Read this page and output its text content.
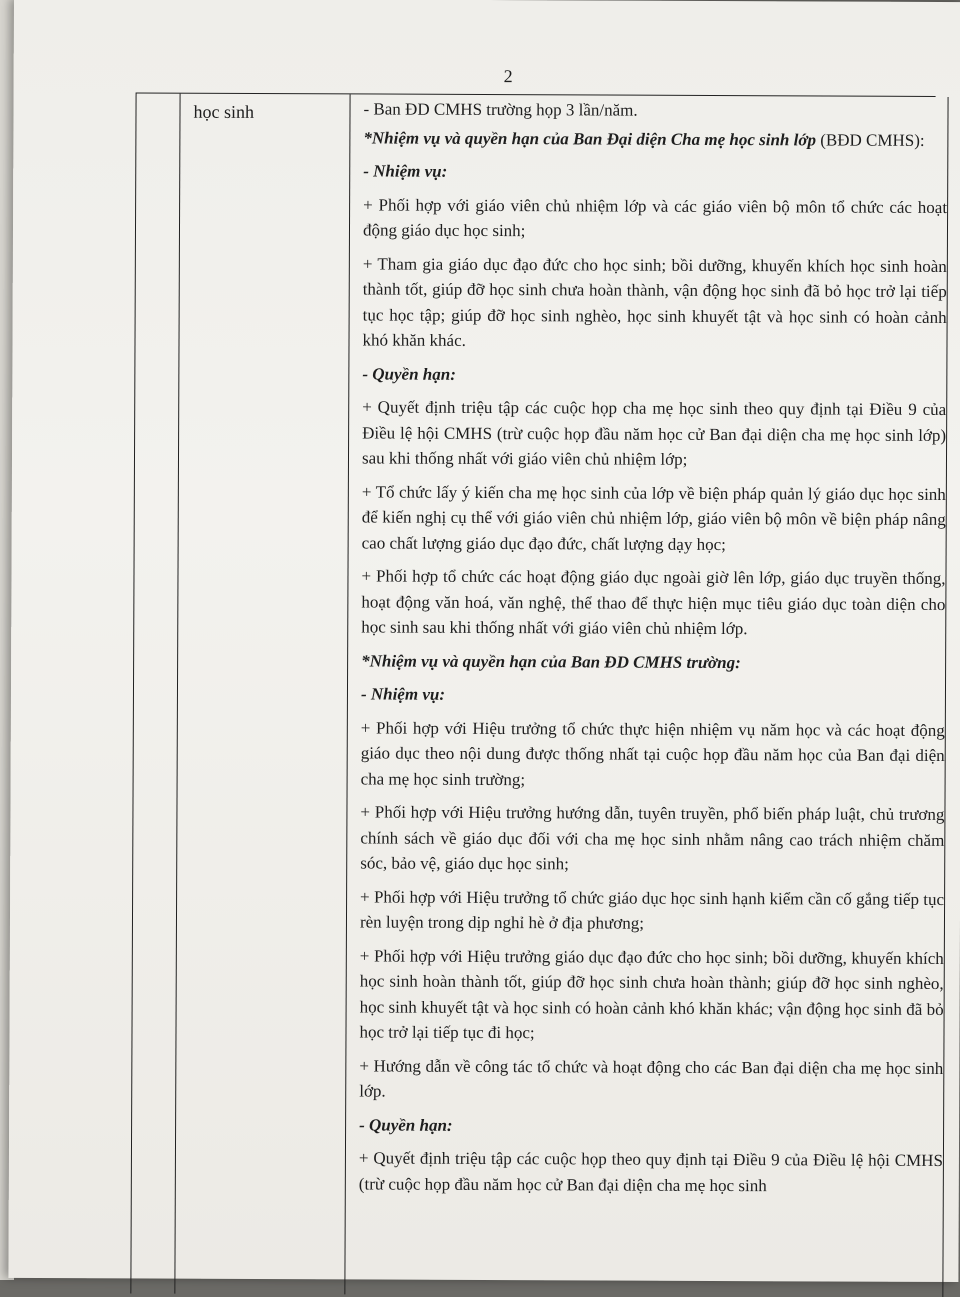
2
học sinh	- Ban ĐD CMHS trường họp 3 lần/năm.

*Nhiệm vụ và quyền hạn của Ban Đại diện Cha mẹ học sinh lớp (BĐD CMHS):

- Nhiệm vụ:

+ Phối hợp với giáo viên chủ nhiệm lớp và các giáo viên bộ môn tổ chức các hoạt động giáo dục học sinh;

+ Tham gia giáo dục đạo đức cho học sinh; bồi dưỡng, khuyến khích học sinh hoàn thành tốt, giúp đỡ học sinh chưa hoàn thành, vận động học sinh đã bỏ học trở lại tiếp tục học tập; giúp đỡ học sinh nghèo, học sinh khuyết tật và học sinh có hoàn cảnh khó khăn khác.

- Quyền hạn:

+ Quyết định triệu tập các cuộc họp cha mẹ học sinh theo quy định tại Điều 9 của Điều lệ hội CMHS (trừ cuộc họp đầu năm học cử Ban đại diện cha mẹ học sinh lớp) sau khi thống nhất với giáo viên chủ nhiệm lớp;

+ Tổ chức lấy ý kiến cha mẹ học sinh của lớp về biện pháp quản lý giáo dục học sinh để kiến nghị cụ thể với giáo viên chủ nhiệm lớp, giáo viên bộ môn về biện pháp nâng cao chất lượng giáo dục đạo đức, chất lượng dạy học;

+ Phối hợp tổ chức các hoạt động giáo dục ngoài giờ lên lớp, giáo dục truyền thống, hoạt động văn hoá, văn nghệ, thể thao để thực hiện mục tiêu giáo dục toàn diện cho học sinh sau khi thống nhất với giáo viên chủ nhiệm lớp.

*Nhiệm vụ và quyền hạn của Ban ĐD CMHS trường:

- Nhiệm vụ:

+ Phối hợp với Hiệu trưởng tổ chức thực hiện nhiệm vụ năm học và các hoạt động giáo dục theo nội dung được thống nhất tại cuộc họp đầu năm học của Ban đại diện cha mẹ học sinh trường;

+ Phối hợp với Hiệu trưởng hướng dẫn, tuyên truyền, phổ biến pháp luật, chủ trương chính sách về giáo dục đối với cha mẹ học sinh nhằm nâng cao trách nhiệm chăm sóc, bảo vệ, giáo dục học sinh;

+ Phối hợp với Hiệu trưởng tổ chức giáo dục học sinh hạnh kiểm cần cố gắng tiếp tục rèn luyện trong dịp nghỉ hè ở địa phương;

+ Phối hợp với Hiệu trưởng giáo dục đạo đức cho học sinh; bồi dưỡng, khuyến khích học sinh hoàn thành tốt, giúp đỡ học sinh chưa hoàn thành; giúp đỡ học sinh nghèo, học sinh khuyết tật và học sinh có hoàn cảnh khó khăn khác; vận động học sinh đã bỏ học trở lại tiếp tục đi học;

+ Hướng dẫn về công tác tổ chức và hoạt động cho các Ban đại diện cha mẹ học sinh lớp.

- Quyền hạn:

+ Quyết định triệu tập các cuộc họp theo quy định tại Điều 9 của Điều lệ hội CMHS (trừ cuộc họp đầu năm học cử Ban đại diện cha mẹ học sinh
